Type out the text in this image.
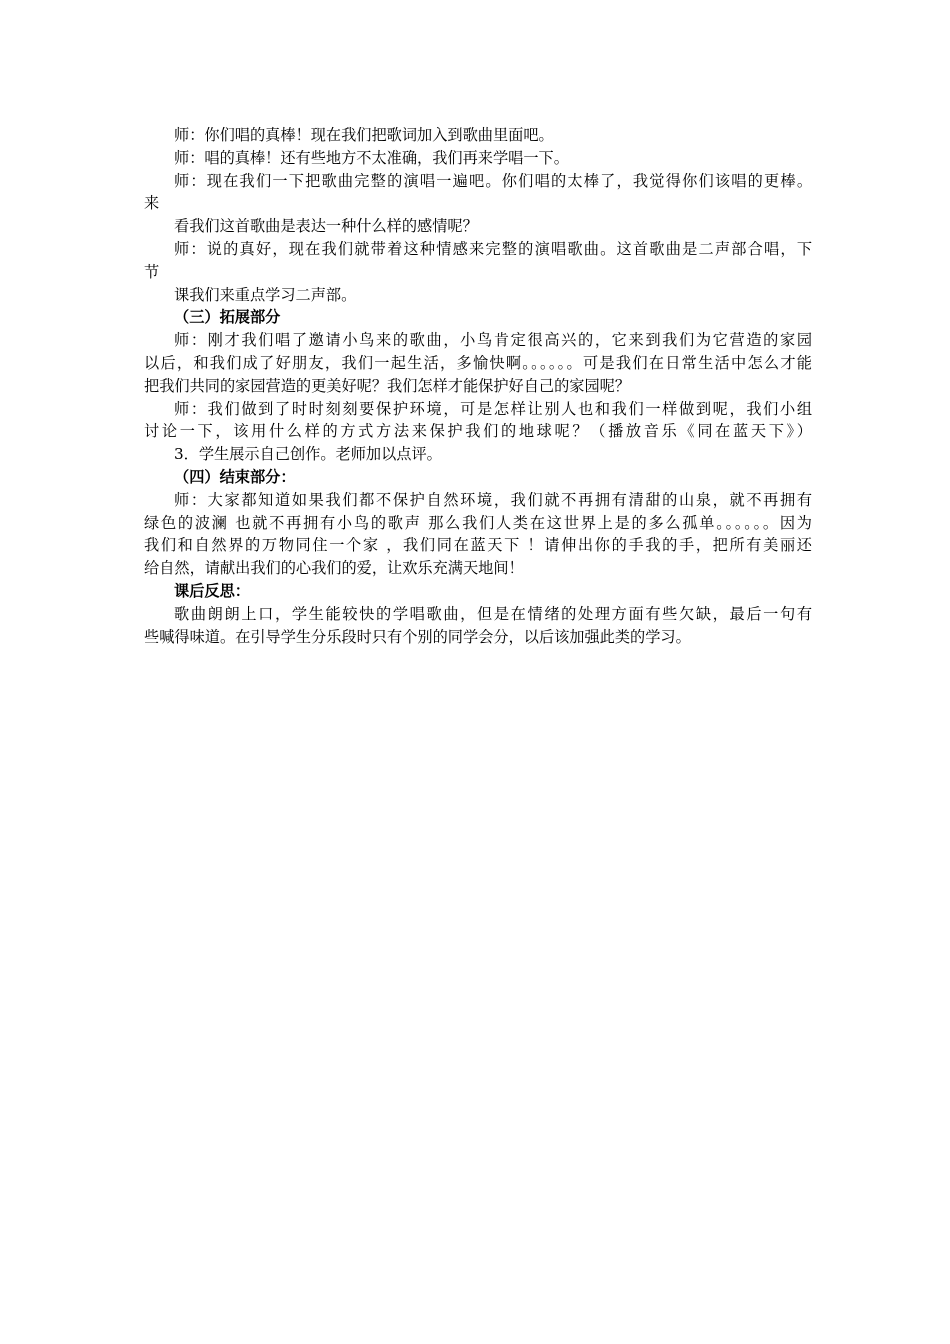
师：你们唱的真棒！现在我们把歌词加入到歌曲里面吧。
师：唱的真棒！还有些地方不太准确，我们再来学唱一下。
师：现在我们一下把歌曲完整的演唱一遍吧。你们唱的太棒了，我觉得你们该唱的更棒。
来
看我们这首歌曲是表达一种什么样的感情呢？
师：说的真好，现在我们就带着这种情感来完整的演唱歌曲。这首歌曲是二声部合唱，下
节
课我们来重点学习二声部。
（三）拓展部分
师：刚才我们唱了邀请小鸟来的歌曲，小鸟肯定很高兴的，它来到我们为它营造的家园
以后，和我们成了好朋友，我们一起生活，多愉快啊。。。。。。可是我们在日常生活中怎么才能
把我们共同的家园营造的更美好呢？我们怎样才能保护好自己的家园呢？
师：我们做到了时时刻刻要保护环境，可是怎样让别人也和我们一样做到呢，我们小组
讨论一下，该用什么样的方式方法来保护我们的地球呢？（播放音乐《同在蓝天下》）
3．学生展示自己创作。老师加以点评。
（四）结束部分：
师：大家都知道如果我们都不保护自然环境，我们就不再拥有清甜的山泉，就不再拥有
绿色的波澜 也就不再拥有小鸟的歌声 那么我们人类在这世界上是的多么孤单。。。。。。因为
我们和自然界的万物同住一个家 ，我们同在蓝天下 ！请伸出你的手我的手，把所有美丽还
给自然，请献出我们的心我们的爱，让欢乐充满天地间！
课后反思：
歌曲朗朗上口，学生能较快的学唱歌曲，但是在情绪的处理方面有些欠缺，最后一句有
些喊得味道。在引导学生分乐段时只有个别的同学会分，以后该加强此类的学习。
